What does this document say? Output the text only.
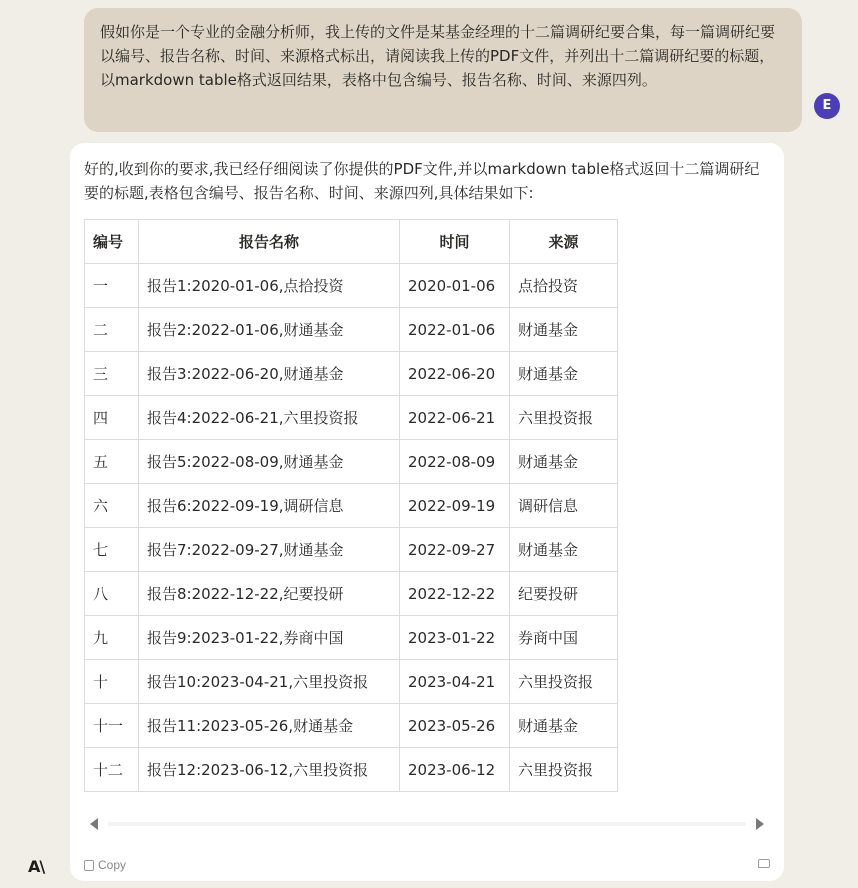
假如你是一个专业的金融分析师，我上传的文件是某基金经理的十二篇调研纪要合集，每一篇调研纪要以编号、报告名称、时间、来源格式标出，请阅读我上传的PDF文件，并列出十二篇调研纪要的标题，以markdown table格式返回结果，表格中包含编号、报告名称、时间、来源四列。
E

好的,收到你的要求,我已经仔细阅读了你提供的PDF文件,并以markdown table格式返回十二篇调研纪要的标题,表格包含编号、报告名称、时间、来源四列,具体结果如下:

编号	报告名称	时间	来源
一	报告1:2020-01-06,点拾投资	2020-01-06	点拾投资
二	报告2:2022-01-06,财通基金	2022-01-06	财通基金
三	报告3:2022-06-20,财通基金	2022-06-20	财通基金
四	报告4:2022-06-21,六里投资报	2022-06-21	六里投资报
五	报告5:2022-08-09,财通基金	2022-08-09	财通基金
六	报告6:2022-09-19,调研信息	2022-09-19	调研信息
七	报告7:2022-09-27,财通基金	2022-09-27	财通基金
八	报告8:2022-12-22,纪要投研	2022-12-22	纪要投研
九	报告9:2023-01-22,券商中国	2023-01-22	券商中国
十	报告10:2023-04-21,六里投资报	2023-04-21	六里投资报
十一	报告11:2023-05-26,财通基金	2023-05-26	财通基金
十二	报告12:2023-06-12,六里投资报	2023-06-12	六里投资报
Copy
A\
